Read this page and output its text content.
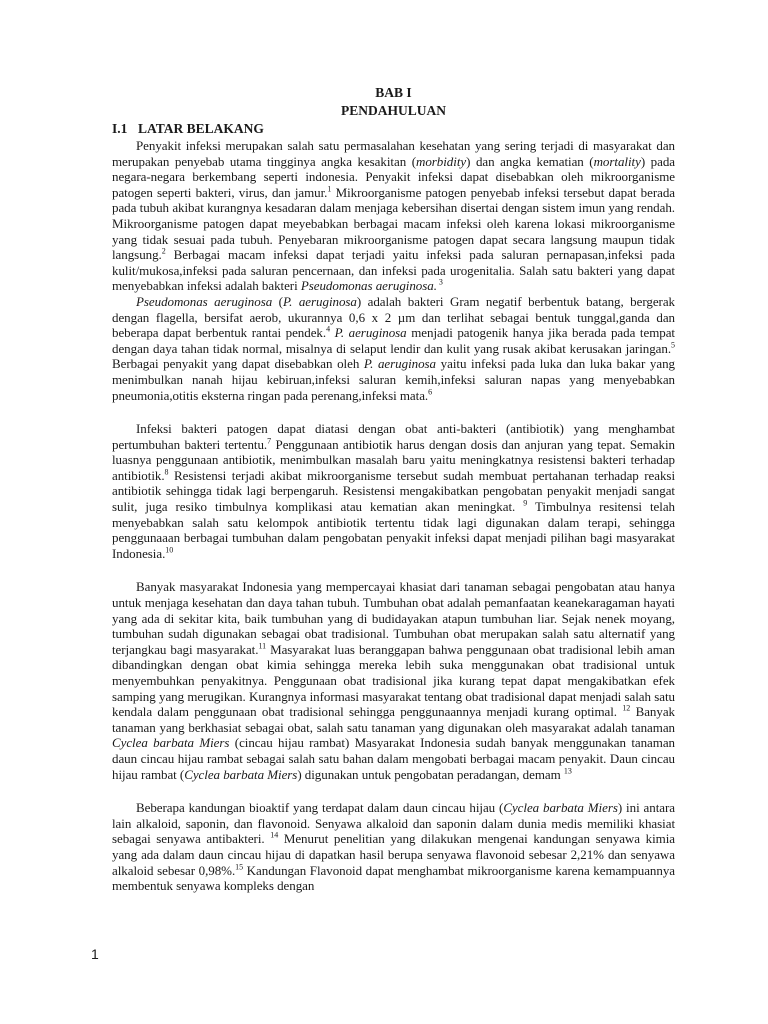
BAB I
PENDAHULUAN
I.1 LATAR BELAKANG

Penyakit infeksi merupakan salah satu permasalahan kesehatan yang sering terjadi di masyarakat dan merupakan penyebab utama tingginya angka kesakitan (morbidity) dan angka kematian (mortality) pada negara-negara berkembang seperti indonesia. Penyakit infeksi dapat disebabkan oleh mikroorganisme patogen seperti bakteri, virus, dan jamur.$^1$ Mikroorganisme patogen penyebab infeksi tersebut dapat berada pada tubuh akibat kurangnya kesadaran dalam menjaga kebersihan disertai dengan sistem imun yang rendah. Mikroorganisme patogen dapat meyebabkan berbagai macam infeksi oleh karena lokasi mikroorganisme yang tidak sesuai pada tubuh. Penyebaran mikroorganisme patogen dapat secara langsung maupun tidak langsung.$^2$ Berbagai macam infeksi dapat terjadi yaitu infeksi pada saluran pernapasan,infeksi pada kulit/mukosa,infeksi pada saluran pencernaan, dan infeksi pada urogenitalia. Salah satu bakteri yang dapat menyebabkan infeksi adalah bakteri Pseudomonas aeruginosa. $^3$

Pseudomonas aeruginosa (P. aeruginosa) adalah bakteri Gram negatif berbentuk batang, bergerak dengan flagella, bersifat aerob, ukurannya 0,6 x 2 µm dan terlihat sebagai bentuk tunggal,ganda dan beberapa dapat berbentuk rantai pendek.$^4$ P. aeruginosa menjadi patogenik hanya jika berada pada tempat dengan daya tahan tidak normal, misalnya di selaput lendir dan kulit yang rusak akibat kerusakan jaringan.$^5$ Berbagai penyakit yang dapat disebabkan oleh P. aeruginosa yaitu infeksi pada luka dan luka bakar yang menimbulkan nanah hijau kebiruan,infeksi saluran kemih,infeksi saluran napas yang menyebabkan pneumonia,otitis eksterna ringan pada perenang,infeksi mata.$^6$

Infeksi bakteri patogen dapat diatasi dengan obat anti-bakteri (antibiotik) yang menghambat pertumbuhan bakteri tertentu.$^7$ Penggunaan antibiotik harus dengan dosis dan anjuran yang tepat. Semakin luasnya penggunaan antibiotik, menimbulkan masalah baru yaitu meningkatnya resistensi bakteri terhadap antibiotik.$^8$ Resistensi terjadi akibat mikroorganisme tersebut sudah membuat pertahanan terhadap reaksi antibiotik sehingga tidak lagi berpengaruh. Resistensi mengakibatkan pengobatan penyakit menjadi sangat sulit, juga resiko timbulnya komplikasi atau kematian akan meningkat. $^9$ Timbulnya resitensi telah menyebabkan salah satu kelompok antibiotik tertentu tidak lagi digunakan dalam terapi, sehingga penggunaaan berbagai tumbuhan dalam pengobatan penyakit infeksi dapat menjadi pilihan bagi masyarakat Indonesia.$^{10}$

Banyak masyarakat Indonesia yang mempercayai khasiat dari tanaman sebagai pengobatan atau hanya untuk menjaga kesehatan dan daya tahan tubuh. Tumbuhan obat adalah pemanfaatan keanekaragaman hayati yang ada di sekitar kita, baik tumbuhan yang di budidayakan atapun tumbuhan liar. Sejak nenek moyang, tumbuhan sudah digunakan sebagai obat tradisional. Tumbuhan obat merupakan salah satu alternatif yang terjangkau bagi masyarakat.$^{11}$ Masyarakat luas beranggapan bahwa penggunaan obat tradisional lebih aman dibandingkan dengan obat kimia sehingga mereka lebih suka menggunakan obat tradisional untuk menyembuhkan penyakitnya. Penggunaan obat tradisional jika kurang tepat dapat mengakibatkan efek samping yang merugikan. Kurangnya informasi masyarakat tentang obat tradisional dapat menjadi salah satu kendala dalam penggunaan obat tradisional sehingga penggunaannya menjadi kurang optimal. $^{12}$ Banyak tanaman yang berkhasiat sebagai obat, salah satu tanaman yang digunakan oleh masyarakat adalah tanaman Cyclea barbata Miers (cincau hijau rambat) Masyarakat Indonesia sudah banyak menggunakan tanaman daun cincau hijau rambat sebagai salah satu bahan dalam mengobati berbagai macam penyakit. Daun cincau hijau rambat (Cyclea barbata Miers) digunakan untuk pengobatan peradangan, demam $^{13}$

Beberapa kandungan bioaktif yang terdapat dalam daun cincau hijau (Cyclea barbata Miers) ini antara lain alkaloid, saponin, dan flavonoid. Senyawa alkaloid dan saponin dalam dunia medis memiliki khasiat sebagai senyawa antibakteri. $^{14}$ Menurut penelitian yang dilakukan mengenai kandungan senyawa kimia yang ada dalam daun cincau hijau di dapatkan hasil berupa senyawa flavonoid sebesar 2,21% dan senyawa alkaloid sebesar 0,98%.$^{15}$ Kandungan Flavonoid dapat menghambat mikroorganisme karena kemampuannya membentuk senyawa kompleks dengan

1
